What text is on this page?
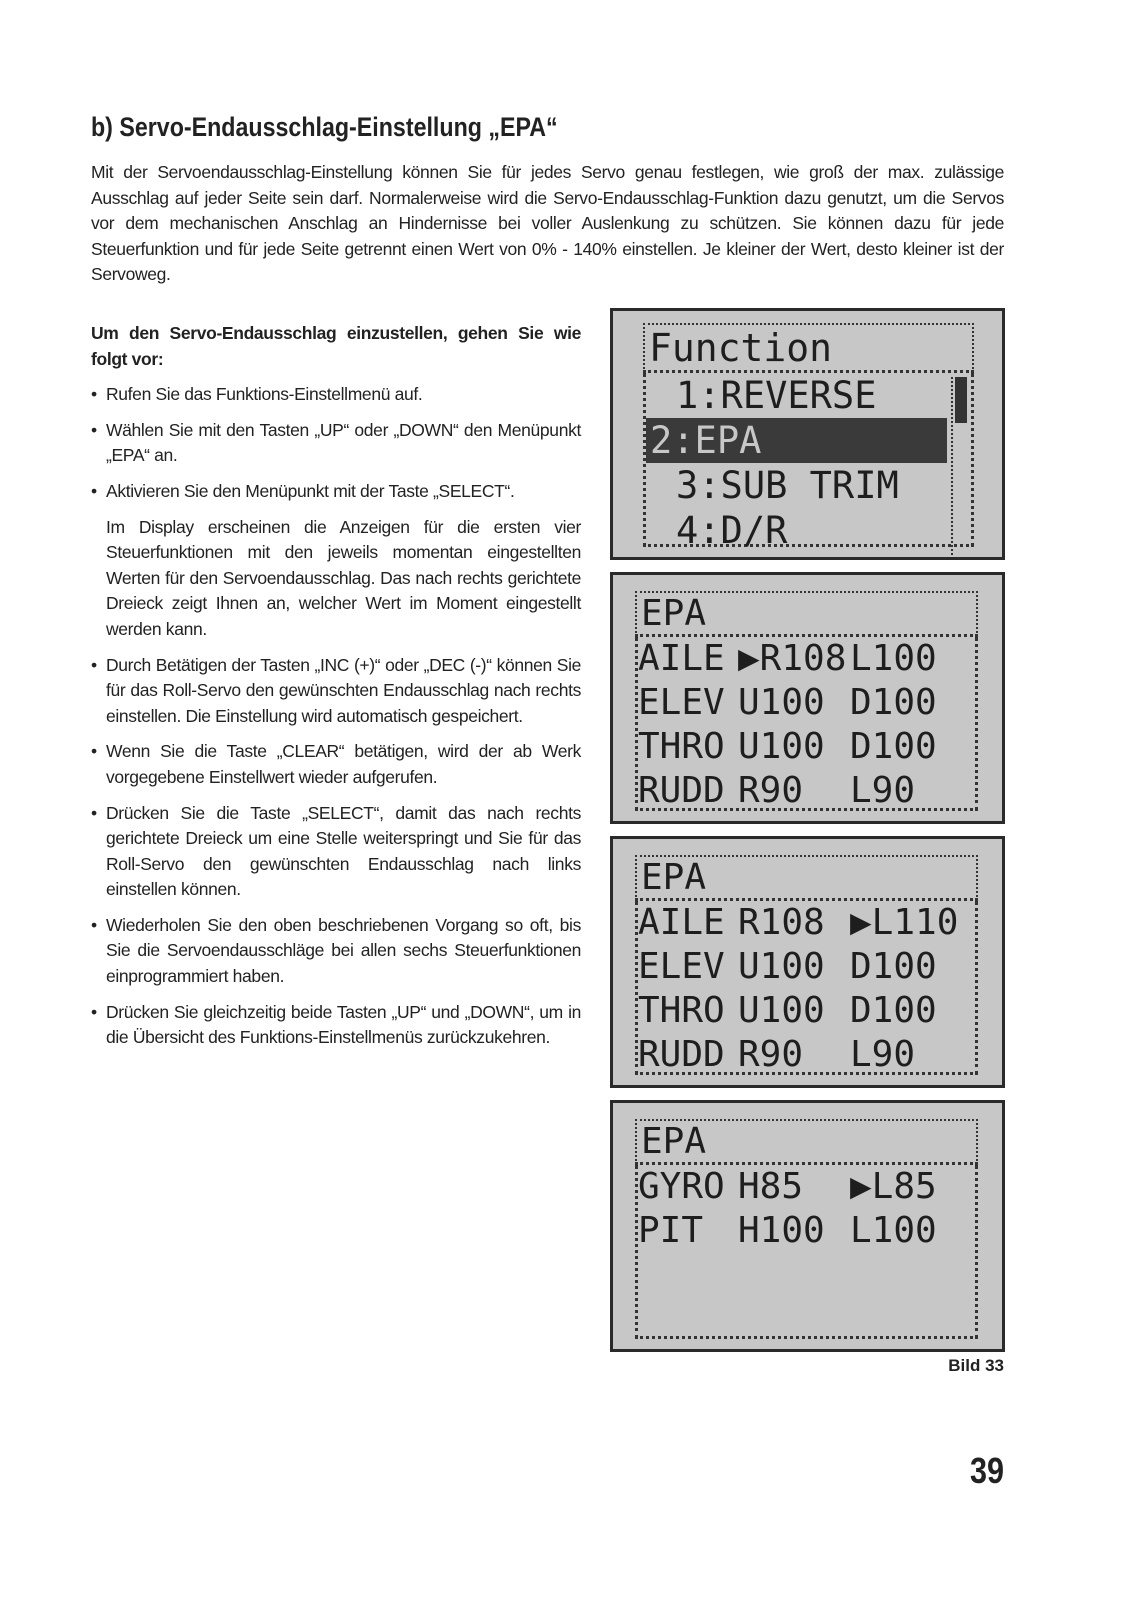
b) Servo-Endausschlag-Einstellung „EPA“

Mit der Servoendausschlag-Einstellung können Sie für jedes Servo genau festlegen, wie groß der max. zulässige Ausschlag auf jeder Seite sein darf. Normalerweise wird die Servo-Endausschlag-Funktion dazu genutzt, um die Servos vor dem mechanischen Anschlag an Hindernisse bei voller Auslenkung zu schützen. Sie können dazu für jede Steuerfunktion und für jede Seite getrennt einen Wert von 0% - 140% einstellen. Je kleiner der Wert, desto kleiner ist der Servoweg.

Um den Servo-Endausschlag einzustellen, gehen Sie wie folgt vor:

• Rufen Sie das Funktions-Einstellmenü auf.
• Wählen Sie mit den Tasten „UP“ oder „DOWN“ den Menüpunkt „EPA“ an.
• Aktivieren Sie den Menüpunkt mit der Taste „SELECT“.
Im Display erscheinen die Anzeigen für die ersten vier Steuerfunktionen mit den jeweils momentan eingestellten Werten für den Servoendausschlag. Das nach rechts gerichtete Dreieck zeigt Ihnen an, welcher Wert im Moment eingestellt werden kann.
• Durch Betätigen der Tasten „INC (+)“ oder „DEC (-)“ können Sie für das Roll-Servo den gewünschten Endausschlag nach rechts einstellen. Die Einstellung wird automatisch gespeichert.
• Wenn Sie die Taste „CLEAR“ betätigen, wird der ab Werk vorgegebene Einstellwert wieder aufgerufen.
• Drücken Sie die Taste „SELECT“, damit das nach rechts gerichtete Dreieck um eine Stelle weiterspringt und Sie für das Roll-Servo den gewünschten Endausschlag nach links einstellen können.
• Wiederholen Sie den oben beschriebenen Vorgang so oft, bis Sie die Servoendausschläge bei allen sechs Steuerfunktionen einprogrammiert haben.
• Drücken Sie gleichzeitig beide Tasten „UP“ und „DOWN“, um in die Übersicht des Funktions-Einstellmenüs zurückzukehren.
Function
1:REVERSE
2:EPA
3:SUB TRIM
4:D/R
EPA
AILE ▶R108 L100
ELEV U100 D100
THRO U100 D100
RUDD R90 L90
EPA
AILE R108 ▶L110
ELEV U100 D100
THRO U100 D100
RUDD R90 L90
EPA
GYRO H85 ▶L85
PIT H100 L100
Bild 33
39
